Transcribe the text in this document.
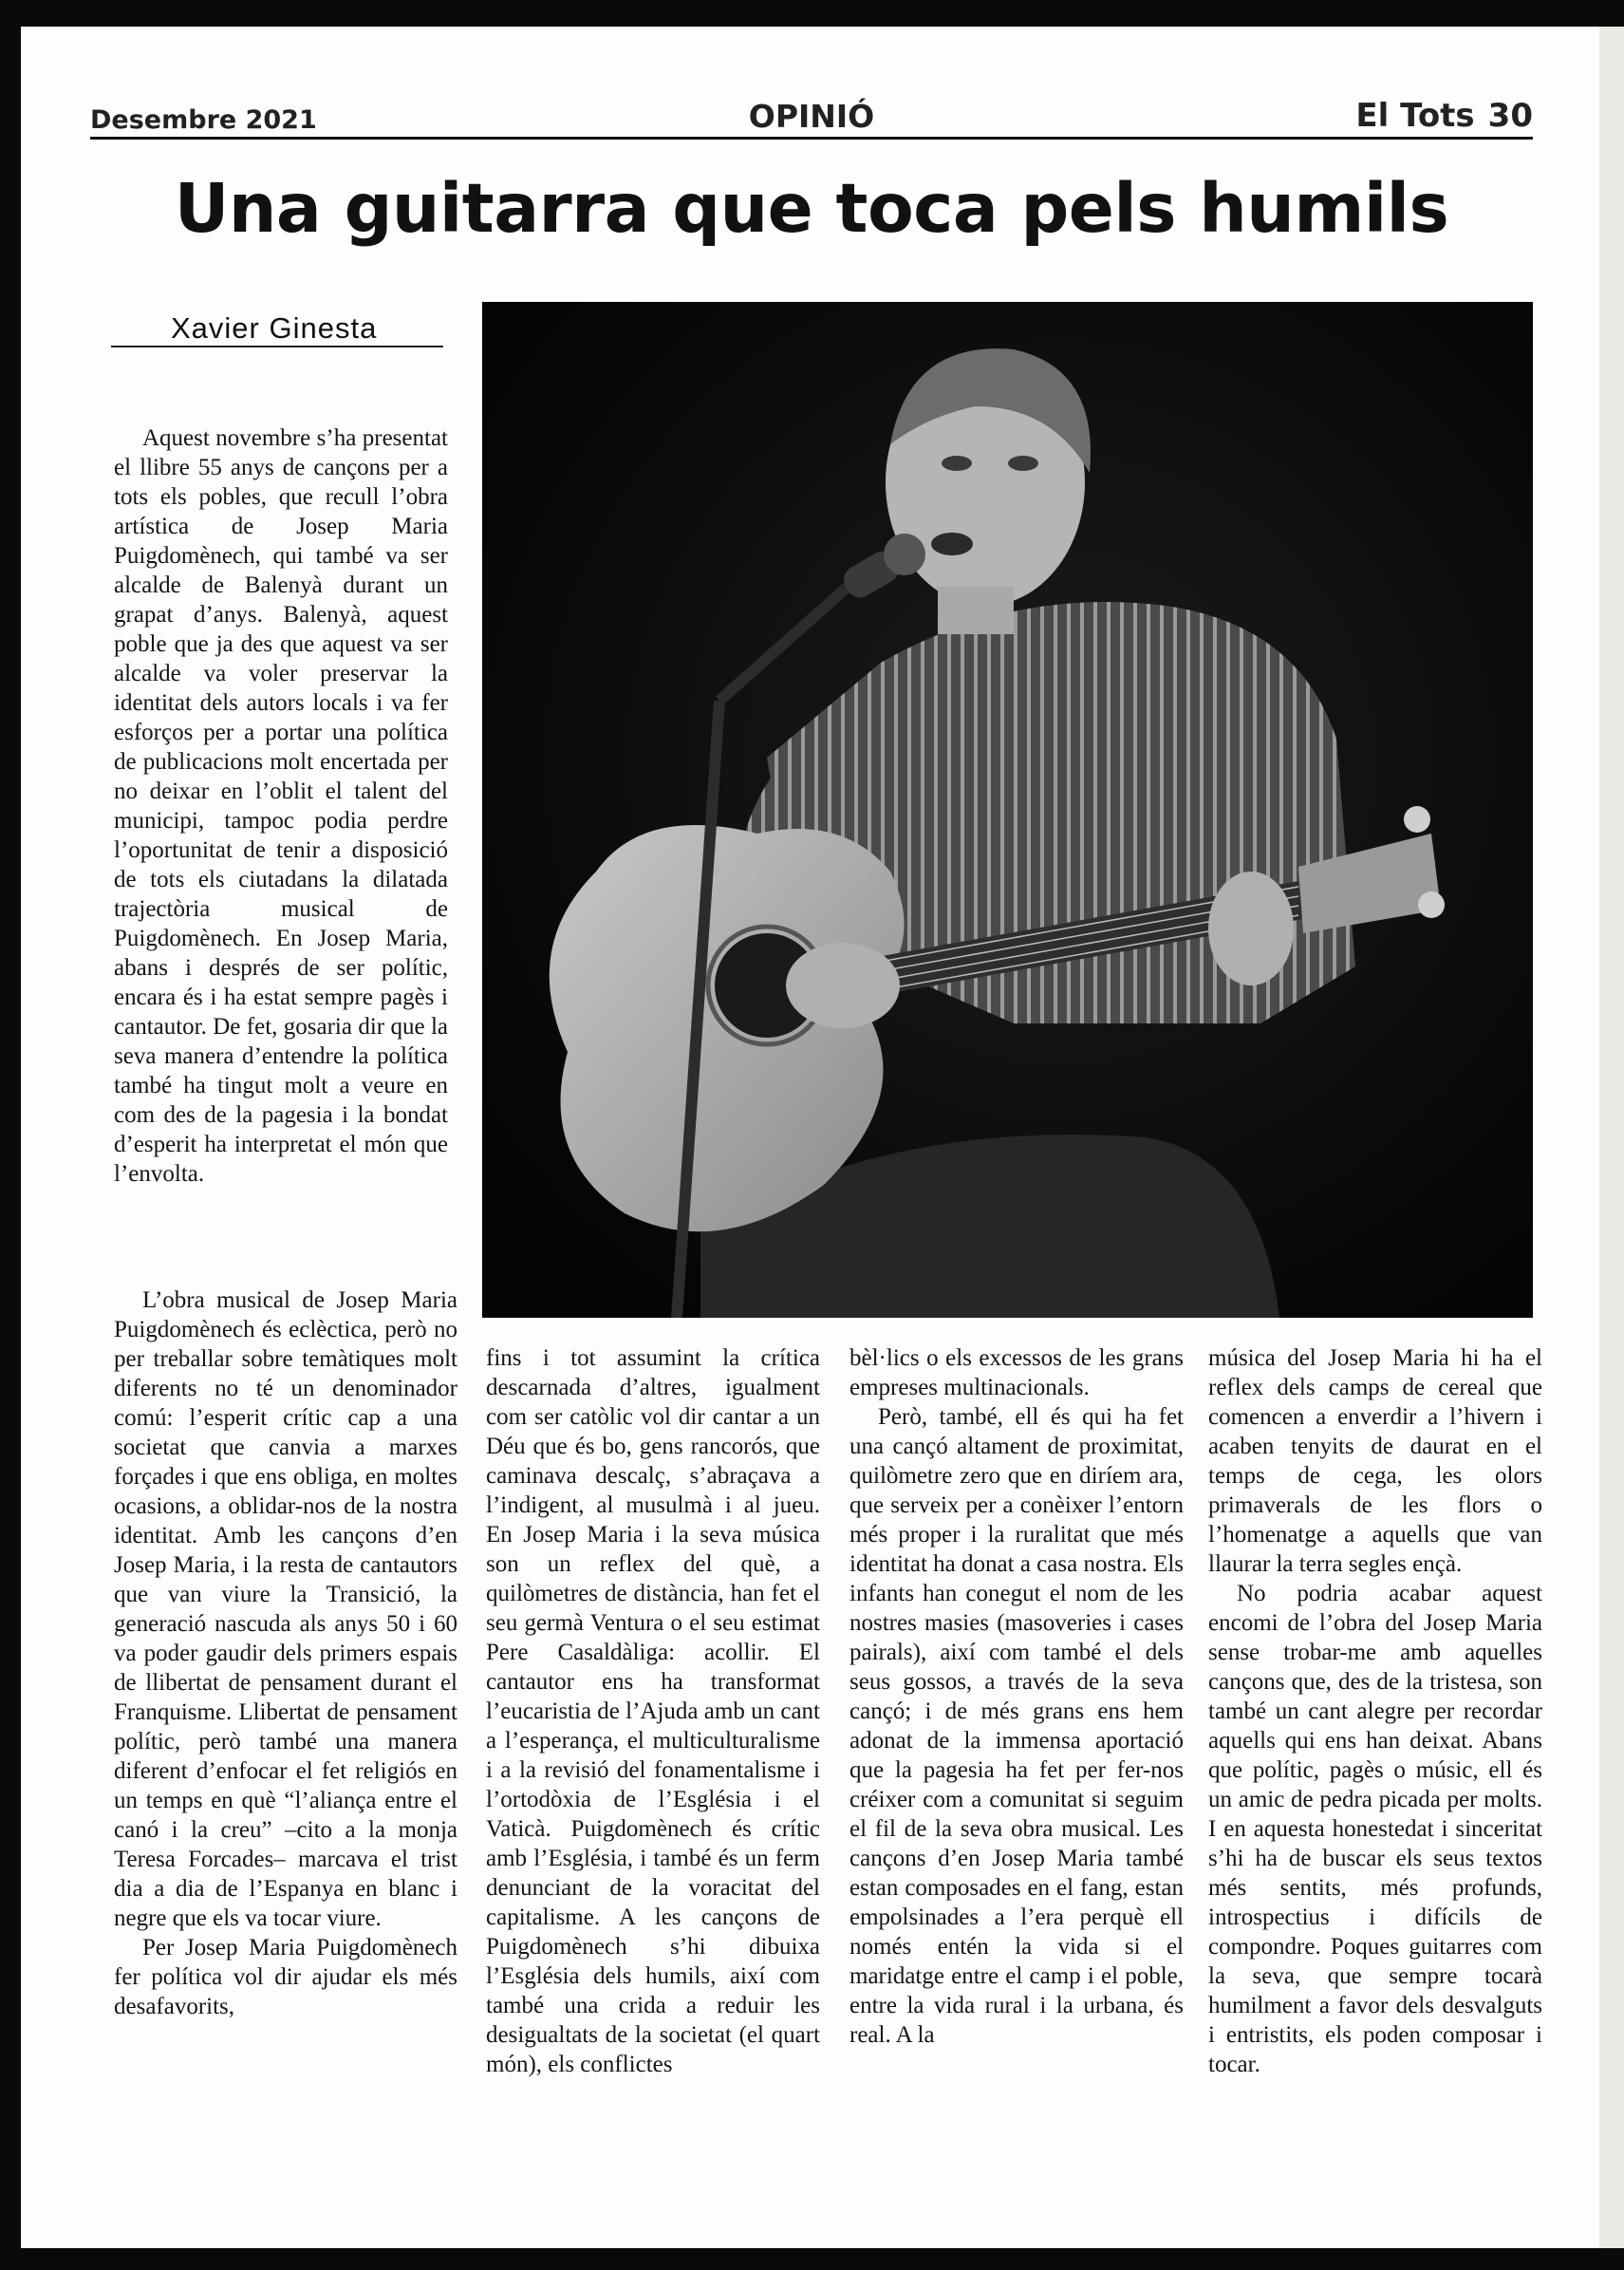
Desembre 2021	OPINIÓ	El Tots 30
Una guitarra que toca pels humils
Xavier Ginesta

Aquest novembre s’ha presentat el llibre 55 anys de cançons per a tots els pobles, que recull l’obra artística de Josep Maria Puigdomènech, qui també va ser alcalde de Balenyà durant un grapat d’anys. Balenyà, aquest poble que ja des que aquest va ser alcalde va voler preservar la identitat dels autors locals i va fer esforços per a portar una política de publicacions molt encertada per no deixar en l’oblit el talent del municipi, tampoc podia perdre l’oportunitat de tenir a disposició de tots els ciutadans la dilatada trajectòria musical de Puigdomènech. En Josep Maria, abans i després de ser polític, encara és i ha estat sempre pagès i cantautor. De fet, gosaria dir que la seva manera d’entendre la política també ha tingut molt a veure en com des de la pagesia i la bondat d’esperit ha interpretat el món que l’envolta.

L’obra musical de Josep Maria Puigdomènech és eclèctica, però no per treballar sobre temàtiques molt diferents no té un denominador comú: l’esperit crític cap a una societat que canvia a marxes forçades i que ens obliga, en moltes ocasions, a oblidar-nos de la nostra identitat. Amb les cançons d’en Josep Maria, i la resta de cantautors que van viure la Transició, la generació nascuda als anys 50 i 60 va poder gaudir dels primers espais de llibertat de pensament durant el Franquisme. Llibertat de pensament polític, però també una manera diferent d’enfocar el fet religiós en un temps en què “l’aliança entre el canó i la creu” –cito a la monja Teresa Forcades– marcava el trist dia a dia de l’Espanya en blanc i negre que els va tocar viure.

Per Josep Maria Puigdomènech fer política vol dir ajudar els més desafavorits,

fins i tot assumint la crítica descarnada d’altres, igualment com ser catòlic vol dir cantar a un Déu que és bo, gens rancorós, que caminava descalç, s’abraçava a l’indigent, al musulmà i al jueu. En Josep Maria i la seva música son un reflex del què, a quilòmetres de distància, han fet el seu germà Ventura o el seu estimat Pere Casaldàliga: acollir. El cantautor ens ha transformat l’eucaristia de l’Ajuda amb un cant a l’esperança, el multiculturalisme i a la revisió del fonamentalisme i l’ortodòxia de l’Església i el Vaticà. Puigdomènech és crític amb l’Església, i també és un ferm denunciant de la voracitat del capitalisme. A les cançons de Puigdomènech s’hi dibuixa l’Església dels humils, així com també una crida a reduir les desigualtats de la societat (el quart món), els conflictes

bèl·lics o els excessos de les grans empreses multinacionals.

Però, també, ell és qui ha fet una cançó altament de proximitat, quilòmetre zero que en diríem ara, que serveix per a conèixer l’entorn més proper i la ruralitat que més identitat ha donat a casa nostra. Els infants han conegut el nom de les nostres masies (masoveries i cases pairals), així com també el dels seus gossos, a través de la seva cançó; i de més grans ens hem adonat de la immensa aportació que la pagesia ha fet per fer-nos créixer com a comunitat si seguim el fil de la seva obra musical. Les cançons d’en Josep Maria també estan composades en el fang, estan empolsinades a l’era perquè ell només entén la vida si el maridatge entre el camp i el poble, entre la vida rural i la urbana, és real. A la

música del Josep Maria hi ha el reflex dels camps de cereal que comencen a enverdir a l’hivern i acaben tenyits de daurat en el temps de cega, les olors primaverals de les flors o l’homenatge a aquells que van llaurar la terra segles ençà.

No podria acabar aquest encomi de l’obra del Josep Maria sense trobar-me amb aquelles cançons que, des de la tristesa, son també un cant alegre per recordar aquells qui ens han deixat. Abans que polític, pagès o músic, ell és un amic de pedra picada per molts. I en aquesta honestedat i sinceritat s’hi ha de buscar els seus textos més sentits, més profunds, introspectius i difícils de compondre. Poques guitarres com la seva, que sempre tocarà humilment a favor dels desvalguts i entristits, els poden composar i tocar.
